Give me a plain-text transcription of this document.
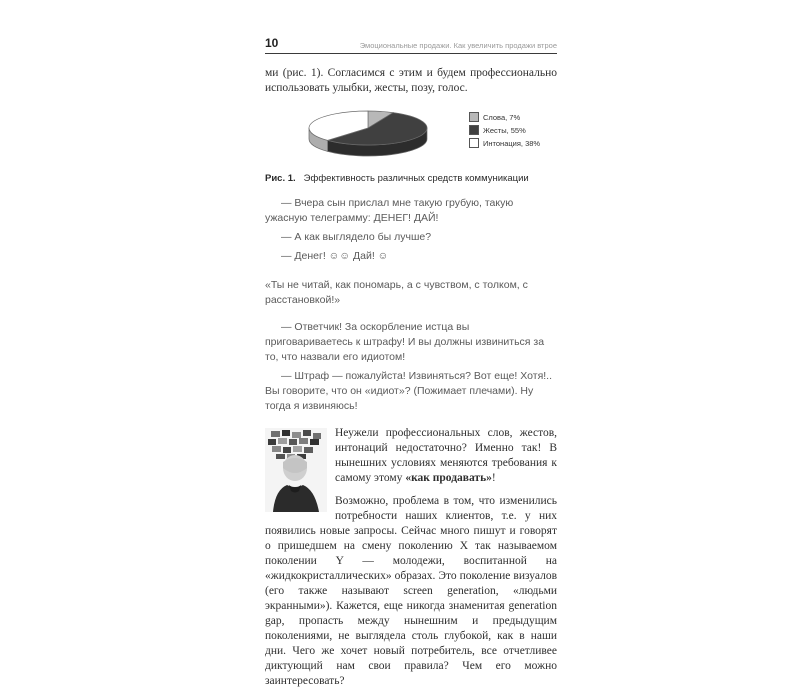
10	Эмоциональные продажи. Как увеличить продажи втрое

ми (рис. 1). Согласимся с этим и будем профессионально использовать улыбки, жесты, позу, голос.

Слова, 7%
Жесты, 55%
Интонация, 38%
Рис. 1. Эффективность различных средств коммуникации

— Вчера сын прислал мне такую грубую, такую ужасную телеграмму: ДЕНЕГ! ДАЙ!

— А как выглядело бы лучше?

— Денег! ☺☺ Дай! ☺

«Ты не читай, как пономарь, а с чувством, с толком, с расстановкой!»

— Ответчик! За оскорбление истца вы приговариваетесь к штрафу! И вы должны извиниться за то, что назвали его идиотом!

— Штраф — пожалуйста! Извиняться? Вот еще! Хотя!.. Вы говорите, что он «идиот»? (Пожимает плечами). Ну тогда я извиняюсь!

Неужели профессиональных слов, жестов, интонаций недостаточно? Именно так! В нынешних условиях меняются требования к самому этому «как продавать»!

Возможно, проблема в том, что изменились потребности наших клиентов, т.е. у них появились новые запросы. Сейчас много пишут и говорят о пришедшем на смену поколению X так называемом поколении Y — молодежи, воспитанной на «жидкокристаллических» образах. Это поколение визуалов (его также называют screen generation, «людьми экранными»). Кажется, еще никогда знаменитая generation gap, пропасть между нынешним и предыдущим поколениями, не выглядела столь глубокой, как в наши дни. Чего же хочет новый потребитель, все отчетливее диктующий нам свои правила? Чем его можно заинтересовать?
